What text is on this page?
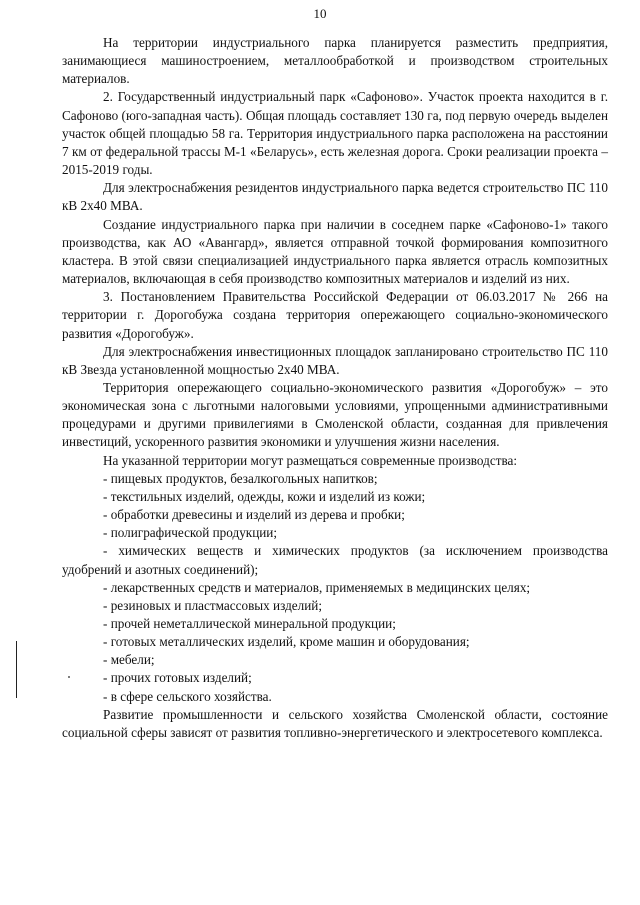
10

На территории индустриального парка планируется разместить предприятия, занимающиеся машиностроением, металлообработкой и производством строительных материалов.

2. Государственный индустриальный парк «Сафоново». Участок проекта находится в г. Сафоново (юго-западная часть). Общая площадь составляет 130 га, под первую очередь выделен участок общей площадью 58 га. Территория индустриального парка расположена на расстоянии 7 км от федеральной трассы М-1 «Беларусь», есть железная дорога. Сроки реализации проекта – 2015-2019 годы.

Для электроснабжения резидентов индустриального парка ведется строительство ПС 110 кВ 2х40 МВА.

Создание индустриального парка при наличии в соседнем парке «Сафоново-1» такого производства, как АО «Авангард», является отправной точкой формирования композитного кластера. В этой связи специализацией индустриального парка является отрасль композитных материалов, включающая в себя производство композитных материалов и изделий из них.

3. Постановлением Правительства Российской Федерации от 06.03.2017 № 266 на территории г. Дорогобужа создана территория опережающего социально-экономического развития «Дорогобуж».

Для электроснабжения инвестиционных площадок запланировано строительство ПС 110 кВ Звезда установленной мощностью 2х40 МВА.

Территория опережающего социально-экономического развития «Дорогобуж» – это экономическая зона с льготными налоговыми условиями, упрощенными административными процедурами и другими привилегиями в Смоленской области, созданная для привлечения инвестиций, ускоренного развития экономики и улучшения жизни населения.

На указанной территории могут размещаться современные производства:

- пищевых продуктов, безалкогольных напитков;

- текстильных изделий, одежды, кожи и изделий из кожи;

- обработки древесины и изделий из дерева и пробки;

- полиграфической продукции;

- химических веществ и химических продуктов (за исключением производства удобрений и азотных соединений);

- лекарственных средств и материалов, применяемых в медицинских целях;

- резиновых и пластмассовых изделий;

- прочей неметаллической минеральной продукции;

- готовых металлических изделий, кроме машин и оборудования;

- мебели;

- прочих готовых изделий;

- в сфере сельского хозяйства.

Развитие промышленности и сельского хозяйства Смоленской области, состояние социальной сферы зависят от развития топливно-энергетического и электросетевого комплекса.
